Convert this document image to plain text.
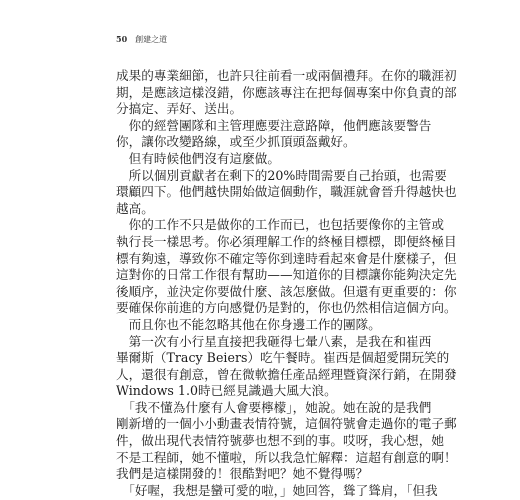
50 創建之道
成果的專業細節，也許只往前看一或兩個禮拜。在你的職涯初
期，是應該這樣沒錯，你應該專注在把每個專案中你負責的部
分搞定、弄好、送出。
　你的經營團隊和主管理應要注意路障，他們應該要警告
你，讓你改變路線，或至少抓頂頭盔戴好。
　但有時候他們沒有這麼做。
　所以個別貢獻者在剩下的20%時間需要自己抬頭，也需要
環顧四下。他們越快開始做這個動作，職涯就會晉升得越快也
越高。
　你的工作不只是做你的工作而已，也包括要像你的主管或
執行長一樣思考。你必須理解工作的終極目標標，即便終極目
標有夠遠，導致你不確定等你到達時看起來會是什麼樣子，但
這對你的日常工作很有幫助——知道你的目標讓你能夠決定先
後順序，並決定你要做什麼、該怎麼做。但還有更重要的：你
要確保你前進的方向感覺仍是對的，你也仍然相信這個方向。
　而且你也不能忽略其他在你身邊工作的團隊。
　第一次有小行星直接把我砸得七暈八素，是我在和崔西
畢爾斯（Tracy Beiers）吃午餐時。崔西是個超愛開玩笑的
人，還很有創意，曾在微軟擔任產品經理暨資深行銷，在開發
Windows 1.0時已經見識過大風大浪。
　「我不懂為什麼有人會要檸檬」，她說。她在說的是我們
剛新增的一個小小動畫表情符號，這個符號會走過你的電子郵
件，做出現代表情符號夢也想不到的事。哎呀，我心想，她
不是工程師，她不懂啦，所以我急忙解釋：這超有創意的啊！
我們是這樣開發的！很酷對吧？她不覺得嗎？
　「好喔，我想是蠻可愛的啦，」她回答，聳了聳肩，「但我
